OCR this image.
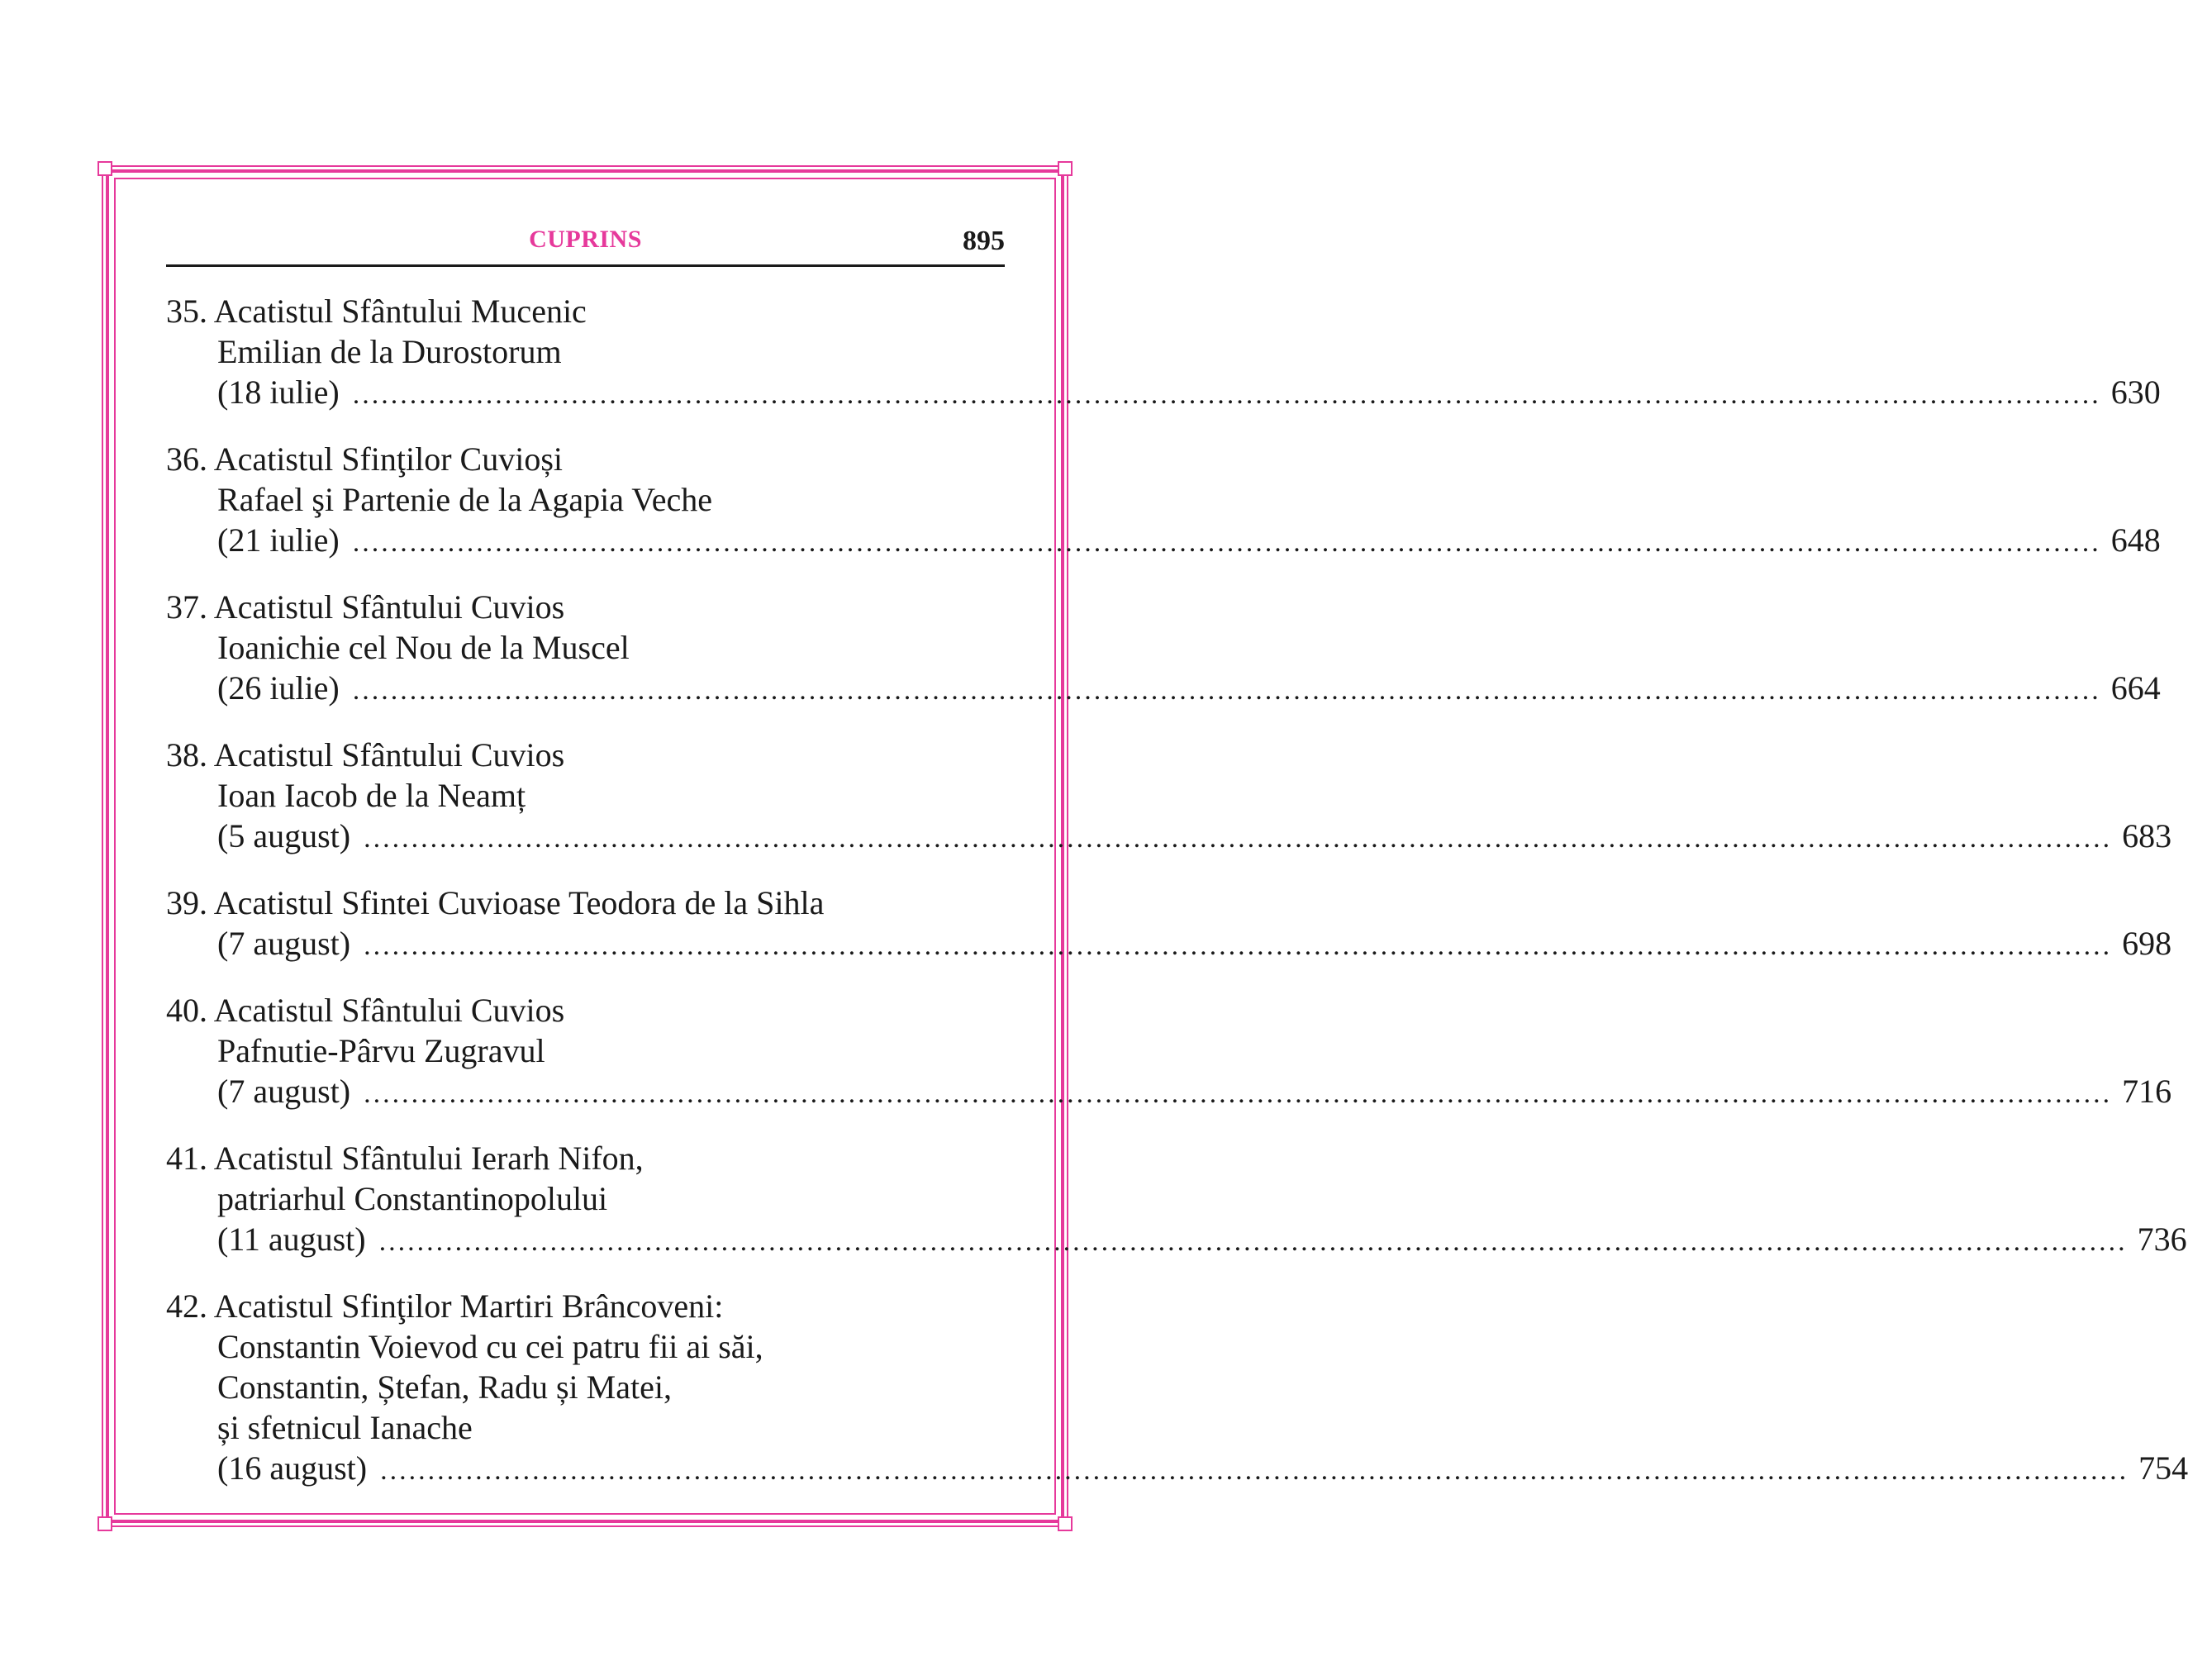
CUPRINS	895
35. Acatistul Sfântului Mucenic
Emilian de la Durostorum
(18 iulie) ........................................................................................................................................................................................ 630
36. Acatistul Sfinţilor Cuvioși
Rafael şi Partenie de la Agapia Veche
(21 iulie) ........................................................................................................................................................................................ 648
37. Acatistul Sfântului Cuvios
Ioanichie cel Nou de la Muscel
(26 iulie) ........................................................................................................................................................................................ 664
38. Acatistul Sfântului Cuvios
Ioan Iacob de la Neamț
(5 august) ........................................................................................................................................................................................ 683
39. Acatistul Sfintei Cuvioase Teodora de la Sihla
(7 august) ........................................................................................................................................................................................ 698
40. Acatistul Sfântului Cuvios
Pafnutie-Pârvu Zugravul
(7 august) ........................................................................................................................................................................................ 716
41. Acatistul Sfântului Ierarh Nifon,
patriarhul Constantinopolului
(11 august) ........................................................................................................................................................................................ 736
42. Acatistul Sfinţilor Martiri Brâncoveni:
Constantin Voievod cu cei patru fii ai săi,
Constantin, Ștefan, Radu și Matei,
și sfetnicul Ianache
(16 august) ........................................................................................................................................................................................ 754
